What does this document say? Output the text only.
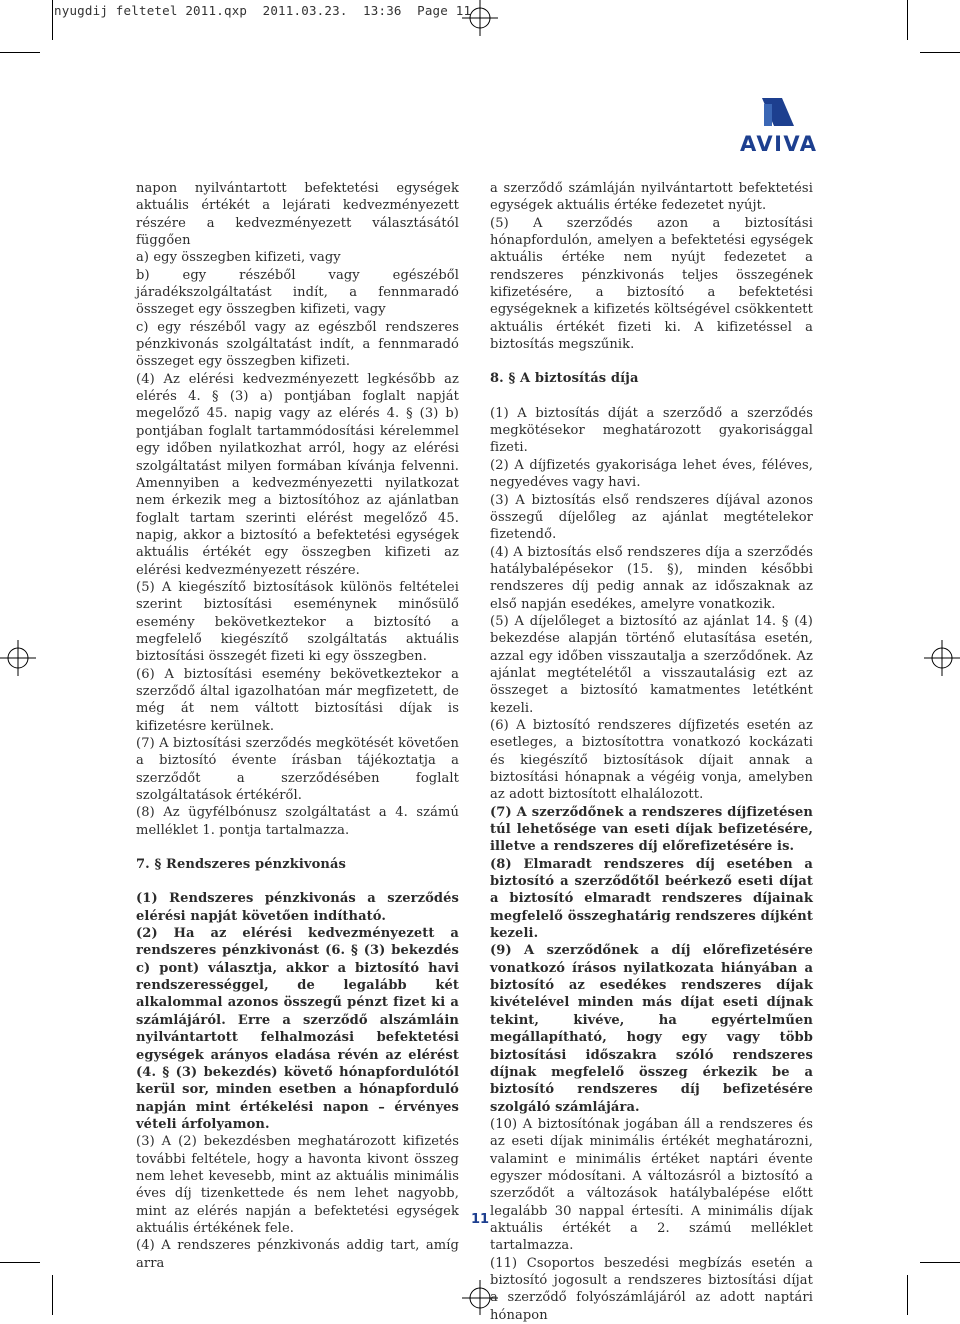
nyugdij feltetel 2011.qxp  2011.03.23.  13:36  Page 11
AVIVA

napon nyilvántartott befektetési egységek aktuális értékét a lejárati kedvezményezett részére a kedvezményezett választásától függően

a) egy összegben kifizeti, vagy

b) egy részéből vagy egészéből járadékszolgáltatást indít, a fennmaradó összeget egy összegben kifizeti, vagy

c) egy részéből vagy az egészből rendszeres pénzkivonás szolgáltatást indít, a fennmaradó összeget egy összegben kifizeti.

(4) Az elérési kedvezményezett legkésőbb az elérés 4. § (3) a) pontjában foglalt napját megelőző 45. napig vagy az elérés 4. § (3) b) pontjában foglalt tartammódosítási kérelemmel egy időben nyilatkozhat arról, hogy az elérési szolgáltatást milyen formában kívánja felvenni. Amennyiben a kedvezményezetti nyilatkozat nem érkezik meg a biztosítóhoz az ajánlatban foglalt tartam szerinti elérést megelőző 45. napig, akkor a biztosító a befektetési egységek aktuális értékét egy összegben kifizeti az elérési kedvezményezett részére.

(5) A kiegészítő biztosítások különös feltételei szerint biztosítási eseménynek minősülő esemény bekövetkeztekor a biztosító a megfelelő kiegészítő szolgáltatás aktuális biztosítási összegét fizeti ki egy összegben.

(6) A biztosítási esemény bekövetkeztekor a szerződő által igazolhatóan már megfizetett, de még át nem váltott biztosítási díjak is kifizetésre kerülnek.

(7) A biztosítási szerződés megkötését követően a biztosító évente írásban tájékoztatja a szerződőt a szerződésében foglalt szolgáltatások értékéről.

(8) Az ügyfélbónusz szolgáltatást a 4. számú melléklet 1. pontja tartalmazza.

7. § Rendszeres pénzkivonás

(1) Rendszeres pénzkivonás a szerződés elérési napját követően indítható.

(2) Ha az elérési kedvezményezett a rendszeres pénzkivonást (6. § (3) bekezdés c) pont) választja, akkor a biztosító havi rendszerességgel, de legalább két alkalommal azonos összegű pénzt fizet ki a számlájáról. Erre a szerződő alszámláin nyilvántartott felhalmozási befektetési egységek arányos eladása révén az elérést (4. § (3) bekezdés) követő hónapfordulótól kerül sor, minden esetben a hónapforduló napján mint értékelési napon – érvényes vételi árfolyamon.

(3) A (2) bekezdésben meghatározott kifizetés további feltétele, hogy a havonta kivont összeg nem lehet kevesebb, mint az aktuális minimális éves díj tizenkettede és nem lehet nagyobb, mint az elérés napján a befektetési egységek aktuális értékének fele.

(4) A rendszeres pénzkivonás addig tart, amíg arra

a szerződő számláján nyilvántartott befektetési egységek aktuális értéke fedezetet nyújt.

(5) A szerződés azon a biztosítási hónapfordulón, amelyen a befektetési egységek aktuális értéke nem nyújt fedezetet a rendszeres pénzkivonás teljes összegének kifizetésére, a biztosító a befektetési egységeknek a kifizetés költségével csökkentett aktuális értékét fizeti ki. A kifizetéssel a biztosítás megszűnik.

8. § A biztosítás díja

(1) A biztosítás díját a szerződő a szerződés megkötésekor meghatározott gyakorisággal fizeti.

(2) A díjfizetés gyakorisága lehet éves, féléves, negyedéves vagy havi.

(3) A biztosítás első rendszeres díjával azonos összegű díjelőleg az ajánlat megtételekor fizetendő.

(4) A biztosítás első rendszeres díja a szerződés hatálybalépésekor (15. §), minden későbbi rendszeres díj pedig annak az időszaknak az első napján esedékes, amelyre vonatkozik.

(5) A díjelőleget a biztosító az ajánlat 14. § (4) bekezdése alapján történő elutasítása esetén, azzal egy időben visszautalja a szerződőnek. Az ajánlat megtételétől a visszautalásig ezt az összeget a biztosító kamatmentes letétként kezeli.

(6) A biztosító rendszeres díjfizetés esetén az esetleges, a biztosítottra vonatkozó kockázati és kiegészítő biztosítások díjait annak a biztosítási hónapnak a végéig vonja, amelyben az adott biztosított elhalálozott.

(7) A szerződőnek a rendszeres díjfizetésen túl lehetősége van eseti díjak befizetésére, illetve a rendszeres díj előrefizetésére is.

(8) Elmaradt rendszeres díj esetében a biztosító a szerződőtől beérkező eseti díjat a biztosító elmaradt rendszeres díjainak megfelelő összeghatárig rendszeres díjként kezeli.

(9) A szerződőnek a díj előrefizetésére vonatkozó írásos nyilatkozata hiányában a biztosító az esedékes rendszeres díjak kivételével minden más díjat eseti díjnak tekint, kivéve, ha egyértelműen megállapítható, hogy egy vagy több biztosítási időszakra szóló rendszeres díjnak megfelelő összeg érkezik be a biztosító rendszeres díj befizetésére szolgáló számlájára.

(10) A biztosítónak jogában áll a rendszeres és az eseti díjak minimális értékét meghatározni, valamint e minimális értéket naptári évente egyszer módosítani. A változásról a biztosító a szerződőt a változások hatálybalépése előtt legalább 30 nappal értesíti. A minimális díjak aktuális értékét a 2. számú melléklet tartalmazza.

(11) Csoportos beszedési megbízás esetén a biztosító jogosult a rendszeres biztosítási díjat a szerződő folyószámlájáról az adott naptári hónapon

11
